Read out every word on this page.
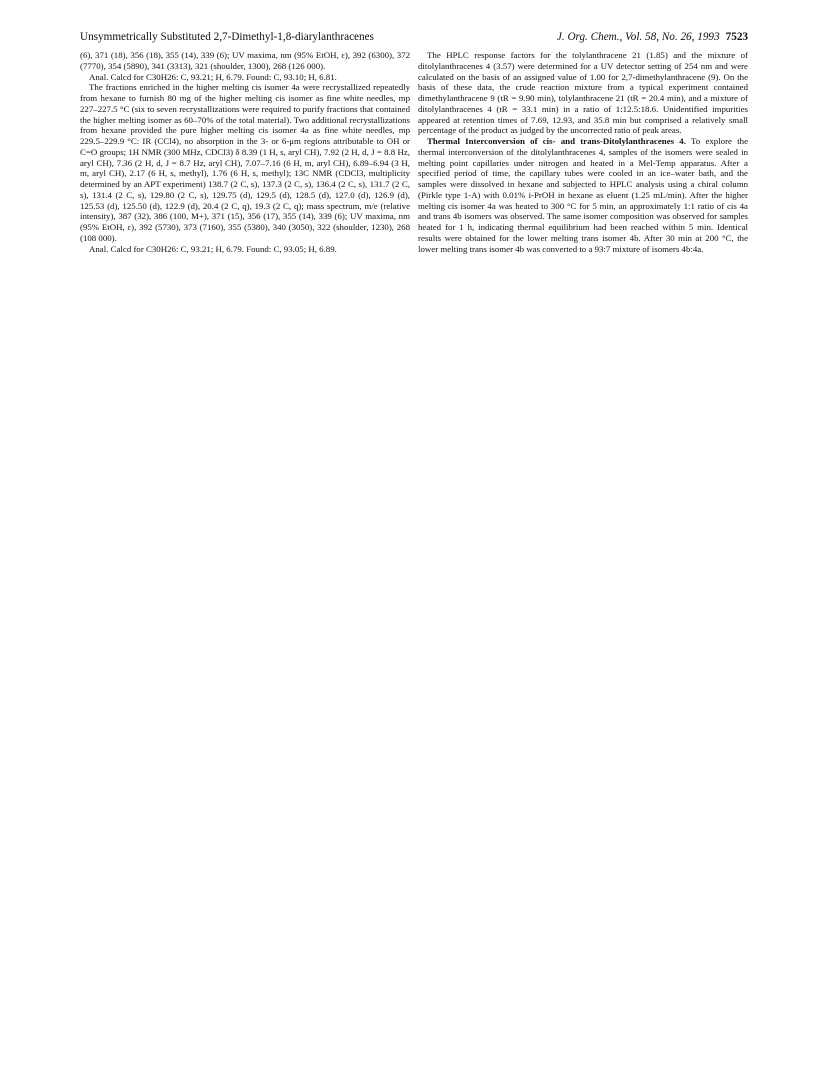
Unsymmetrically Substituted 2,7-Dimethyl-1,8-diarylanthracenes	J. Org. Chem., Vol. 58, No. 26, 1993 7523

(6), 371 (18), 356 (18), 355 (14), 339 (6); UV maxima, nm (95% EtOH, ε), 392 (6300), 372 (7770), 354 (5890), 341 (3313), 321 (shoulder, 1300), 268 (126 000).

Anal. Calcd for C30H26: C, 93.21; H, 6.79. Found: C, 93.10; H, 6.81.

The fractions enriched in the higher melting cis isomer 4a were recrystallized repeatedly from hexane to furnish 80 mg of the higher melting cis isomer as fine white needles, mp 227–227.5 °C (six to seven recrystallizations were required to purify fractions that contained the higher melting isomer as 60–70% of the total material). Two additional recrystallizations from hexane provided the pure higher melting cis isomer 4a as fine white needles, mp 229.5–229.9 °C: IR (CCl4), no absorption in the 3- or 6-μm regions attributable to OH or C=O groups; 1H NMR (300 MHz, CDCl3) δ 8.39 (1 H, s, aryl CH), 7.92 (2 H, d, J = 8.8 Hz, aryl CH), 7.36 (2 H, d, J = 8.7 Hz, aryl CH), 7.07–7.16 (6 H, m, aryl CH), 6.89–6.94 (3 H, m, aryl CH), 2.17 (6 H, s, methyl), 1.76 (6 H, s, methyl); 13C NMR (CDCl3, multiplicity determined by an APT experiment) 138.7 (2 C, s), 137.3 (2 C, s), 136.4 (2 C, s), 131.7 (2 C, s), 131.4 (2 C, s), 129.80 (2 C, s), 129.75 (d), 129.5 (d), 128.5 (d), 127.0 (d), 126.9 (d), 125.53 (d), 125.50 (d), 122.9 (d), 20.4 (2 C, q), 19.3 (2 C, q); mass spectrum, m/e (relative intensity), 387 (32), 386 (100, M+), 371 (15), 356 (17), 355 (14), 339 (6); UV maxima, nm (95% EtOH, ε), 392 (5730), 373 (7160), 355 (5380), 340 (3050), 322 (shoulder, 1230), 268 (108 000).

Anal. Calcd for C30H26: C, 93.21; H, 6.79. Found: C, 93.05; H, 6.89.

The HPLC response factors for the tolylanthracene 21 (1.85) and the mixture of ditolylanthracenes 4 (3.57) were determined for a UV detector setting of 254 nm and were calculated on the basis of an assigned value of 1.00 for 2,7-dimethylanthracene (9). On the basis of these data, the crude reaction mixture from a typical experiment contained dimethylanthracene 9 (tR = 9.90 min), tolylanthracene 21 (tR = 20.4 min), and a mixture of ditolylanthracenes 4 (tR = 33.1 min) in a ratio of 1:12.5:18.6. Unidentified impurities appeared at retention times of 7.69, 12.93, and 35.8 min but comprised a relatively small percentage of the product as judged by the uncorrected ratio of peak areas.

Thermal Interconversion of cis- and trans-Ditolylanthracenes 4. To explore the thermal interconversion of the ditolylanthracenes 4, samples of the isomers were sealed in melting point capillaries under nitrogen and heated in a Mel-Temp apparatus. After a specified period of time, the capillary tubes were cooled in an ice–water bath, and the samples were dissolved in hexane and subjected to HPLC analysis using a chiral column (Pirkle type 1-A) with 0.01% i-PrOH in hexane as eluent (1.25 mL/min). After the higher melting cis isomer 4a was heated to 300 °C for 5 min, an approximately 1:1 ratio of cis 4a and trans 4b isomers was observed. The same isomer composition was observed for samples heated for 1 h, indicating thermal equilibrium had been reached within 5 min. Identical results were obtained for the lower melting trans isomer 4b. After 30 min at 200 °C, the lower melting trans isomer 4b was converted to a 93:7 mixture of isomers 4b:4a.
